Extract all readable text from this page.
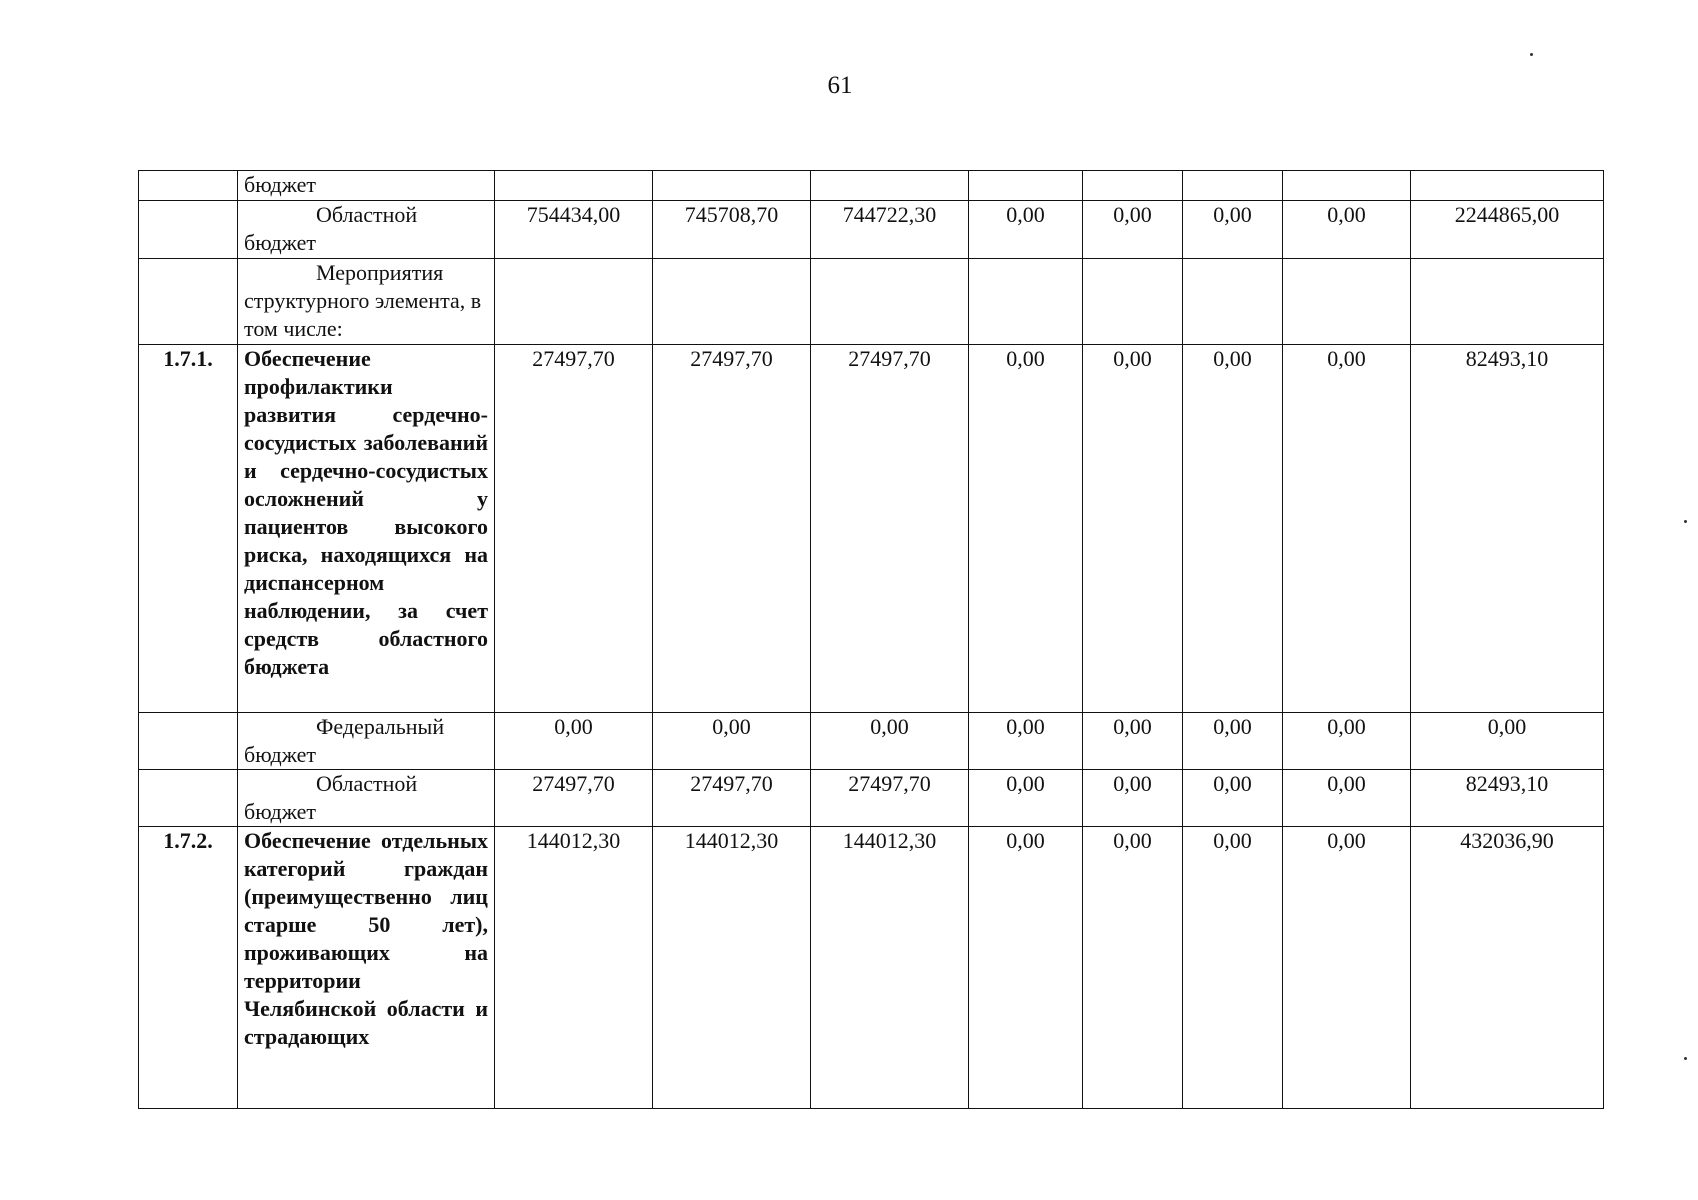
61
	бюджет								

	Областной бюджет	754434,00	745708,70	744722,30	0,00	0,00	0,00	0,00	2244865,00

	Мероприятия структурного элемента, в том числе:								

1.7.1.	Обеспечение профилактики развития сердечно-сосудистых заболеваний и сердечно-сосудистых осложнений у пациентов высокого риска, находящихся на диспансерном наблюдении, за счет средств областного бюджета	27497,70	27497,70	27497,70	0,00	0,00	0,00	0,00	82493,10

	Федеральный бюджет	0,00	0,00	0,00	0,00	0,00	0,00	0,00	0,00

	Областной бюджет	27497,70	27497,70	27497,70	0,00	0,00	0,00	0,00	82493,10
1.7.2.	Обеспечение отдельных категорий граждан (преимущественно лиц старше 50 лет), проживающих на территории Челябинской области и страдающих	144012,30	144012,30	144012,30	0,00	0,00	0,00	0,00	432036,90
